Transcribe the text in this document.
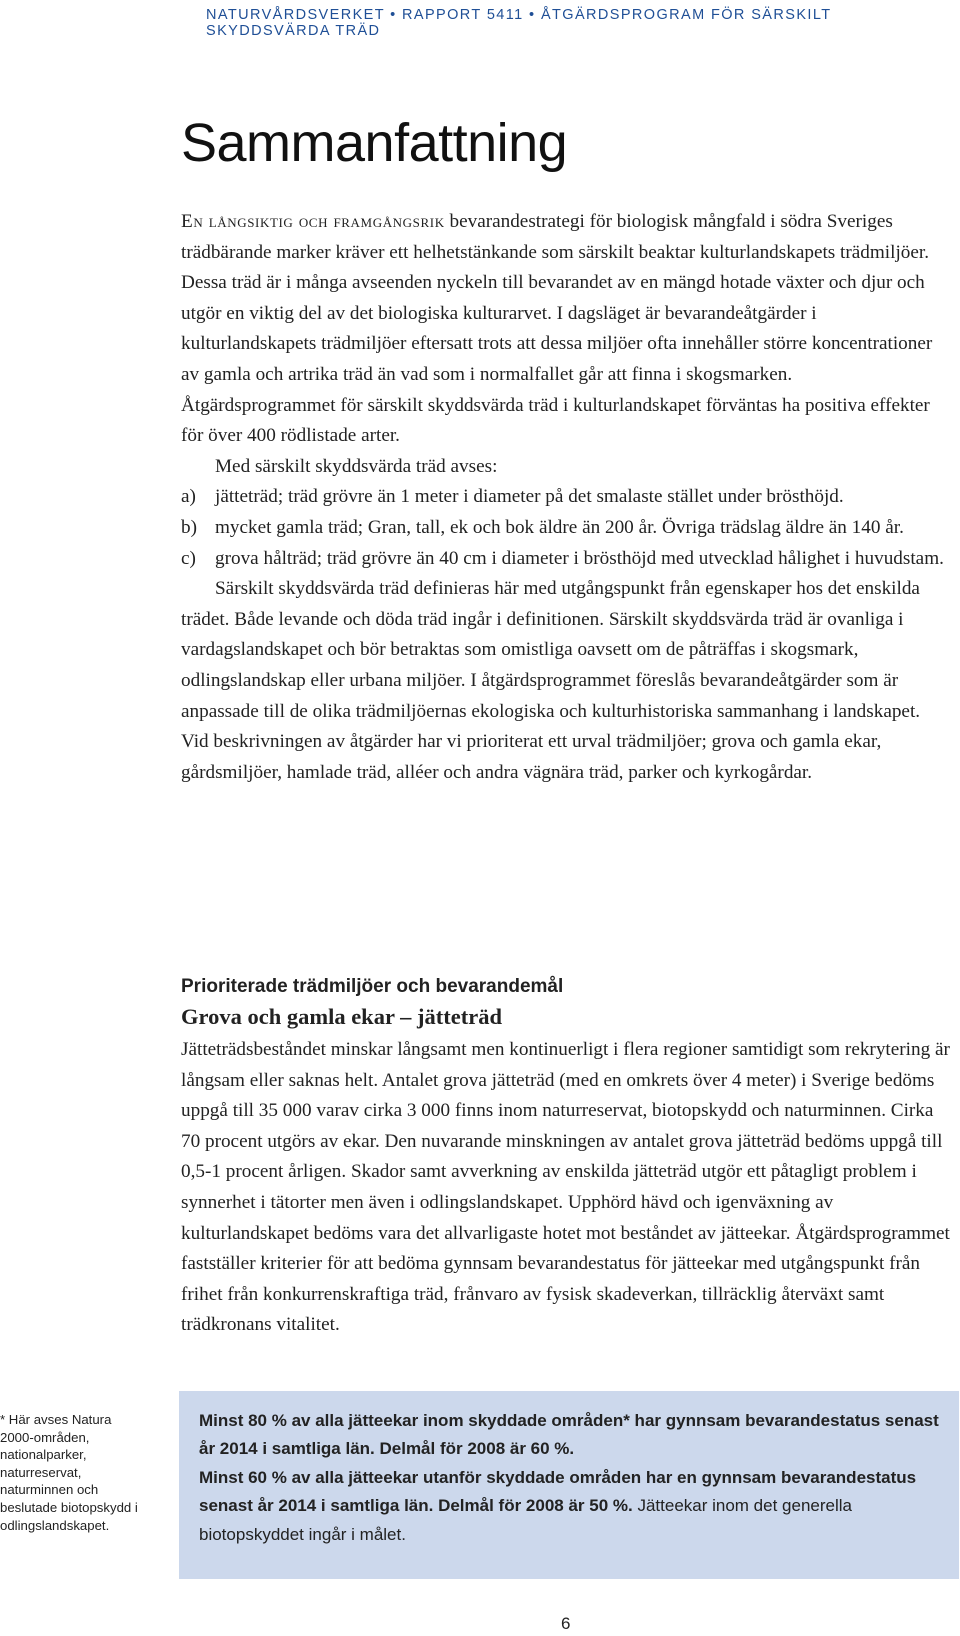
NATURVÅRDSVERKET • RAPPORT 5411 • ÅTGÄRDSPROGRAM FÖR SÄRSKILT SKYDDSVÄRDA TRÄD
Sammanfattning

En långsiktig och framgångsrik bevarandestrategi för biologisk mångfald i södra Sveriges trädbärande marker kräver ett helhetstänkande som särskilt beaktar kulturlandskapets trädmiljöer. Dessa träd är i många avseenden nyckeln till bevarandet av en mängd hotade växter och djur och utgör en viktig del av det biologiska kulturarvet. I dagsläget är bevarandeåtgärder i kulturlandskapets trädmiljöer eftersatt trots att dessa miljöer ofta innehåller större koncentrationer av gamla och artrika träd än vad som i normalfallet går att finna i skogsmarken. Åtgärdsprogrammet för särskilt skyddsvärda träd i kulturlandskapet förväntas ha positiva effekter för över 400 rödlistade arter.

Med särskilt skyddsvärda träd avses:

a) jätteträd; träd grövre än 1 meter i diameter på det smalaste stället under brösthöjd.
b) mycket gamla träd; Gran, tall, ek och bok äldre än 200 år. Övriga trädslag äldre än 140 år.
c) grova hålträd; träd grövre än 40 cm i diameter i brösthöjd med utvecklad hålighet i huvudstam.

Särskilt skyddsvärda träd definieras här med utgångspunkt från egenskaper hos det enskilda trädet. Både levande och döda träd ingår i definitionen. Särskilt skyddsvärda träd är ovanliga i vardagslandskapet och bör betraktas som omistliga oavsett om de påträffas i skogsmark, odlingslandskap eller urbana miljöer. I åtgärdsprogrammet föreslås bevarandeåtgärder som är anpassade till de olika trädmiljöernas ekologiska och kulturhistoriska sammanhang i landskapet. Vid beskrivningen av åtgärder har vi prioriterat ett urval trädmiljöer; grova och gamla ekar, gårdsmiljöer, hamlade träd, alléer och andra vägnära träd, parker och kyrkogårdar.

Prioriterade trädmiljöer och bevarandemål
Grova och gamla ekar – jätteträd

Jätteträdsbeståndet minskar långsamt men kontinuerligt i flera regioner samtidigt som rekrytering är långsam eller saknas helt. Antalet grova jätteträd (med en omkrets över 4 meter) i Sverige bedöms uppgå till 35 000 varav cirka 3 000 finns inom naturreservat, biotopskydd och naturminnen. Cirka 70 procent utgörs av ekar. Den nuvarande minskningen av antalet grova jätteträd bedöms uppgå till 0,5-1 procent årligen. Skador samt avverkning av enskilda jätteträd utgör ett påtagligt problem i synnerhet i tätorter men även i odlingslandskapet. Upphörd hävd och igenväxning av kulturlandskapet bedöms vara det allvarligaste hotet mot beståndet av jätteekar. Åtgärdsprogrammet fastställer kriterier för att bedöma gynnsam bevarandestatus för jätteekar med utgångspunkt från frihet från konkurrenskraftiga träd, frånvaro av fysisk skadeverkan, tillräcklig återväxt samt trädkronans vitalitet.

* Här avses Natura 2000-områden, nationalparker, naturreservat, naturminnen och beslutade biotopskydd i odlingslandskapet.

Minst 80 % av alla jätteekar inom skyddade områden* har gynnsam bevarandestatus senast år 2014 i samtliga län. Delmål för 2008 är 60 %.

Minst 60 % av alla jätteekar utanför skyddade områden har en gynnsam bevarandestatus senast år 2014 i samtliga län. Delmål för 2008 är 50 %. Jätteekar inom det generella biotopskyddet ingår i målet.

6
